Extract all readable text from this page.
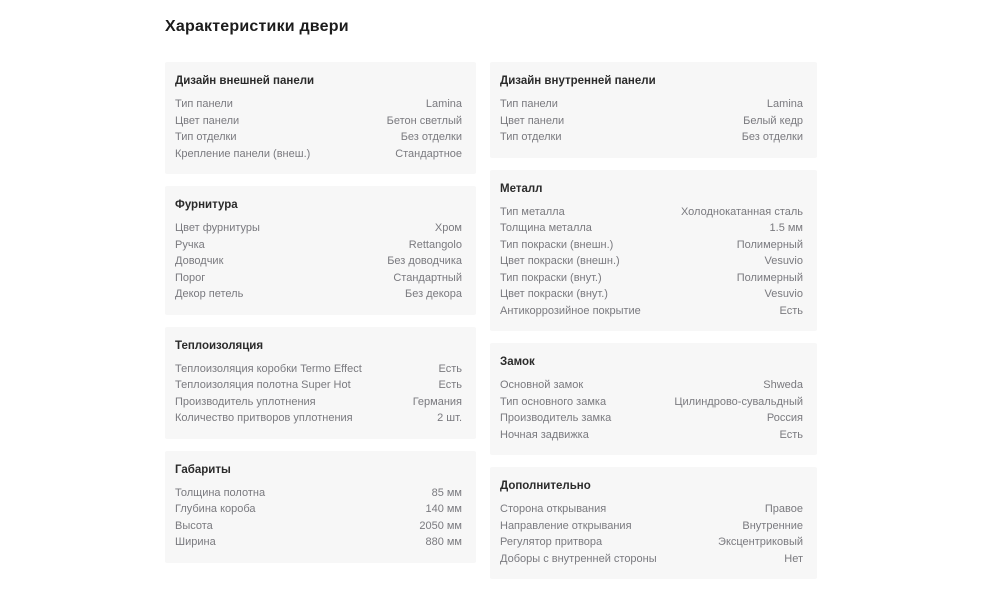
Характеристики двери
Дизайн внешней панели
Тип панели	Lamina
Цвет панели	Бетон светлый
Тип отделки	Без отделки
Крепление панели (внеш.)	Стандартное
Фурнитура
Цвет фурнитуры	Хром
Ручка	Rettangolo
Доводчик	Без доводчика
Порог	Стандартный
Декор петель	Без декора
Теплоизоляция
Теплоизоляция коробки Termo Effect	Есть
Теплоизоляция полотна Super Hot	Есть
Производитель уплотнения	Германия
Количество притворов уплотнения	2 шт.
Габариты
Толщина полотна	85 мм
Глубина короба	140 мм
Высота	2050 мм
Ширина	880 мм
Дизайн внутренней панели
Тип панели	Lamina
Цвет панели	Белый кедр
Тип отделки	Без отделки
Металл
Тип металла	Холоднокатанная сталь
Толщина металла	1.5 мм
Тип покраски (внешн.)	Полимерный
Цвет покраски (внешн.)	Vesuvio
Тип покраски (внут.)	Полимерный
Цвет покраски (внут.)	Vesuvio
Антикоррозийное покрытие	Есть
Замок
Основной замок	Shweda
Тип основного замка	Цилиндрово-сувальдный
Производитель замка	Россия
Ночная задвижка	Есть
Дополнительно
Сторона открывания	Правое
Направление открывания	Внутренние
Регулятор притвора	Эксцентриковый
Доборы с внутренней стороны	Нет
